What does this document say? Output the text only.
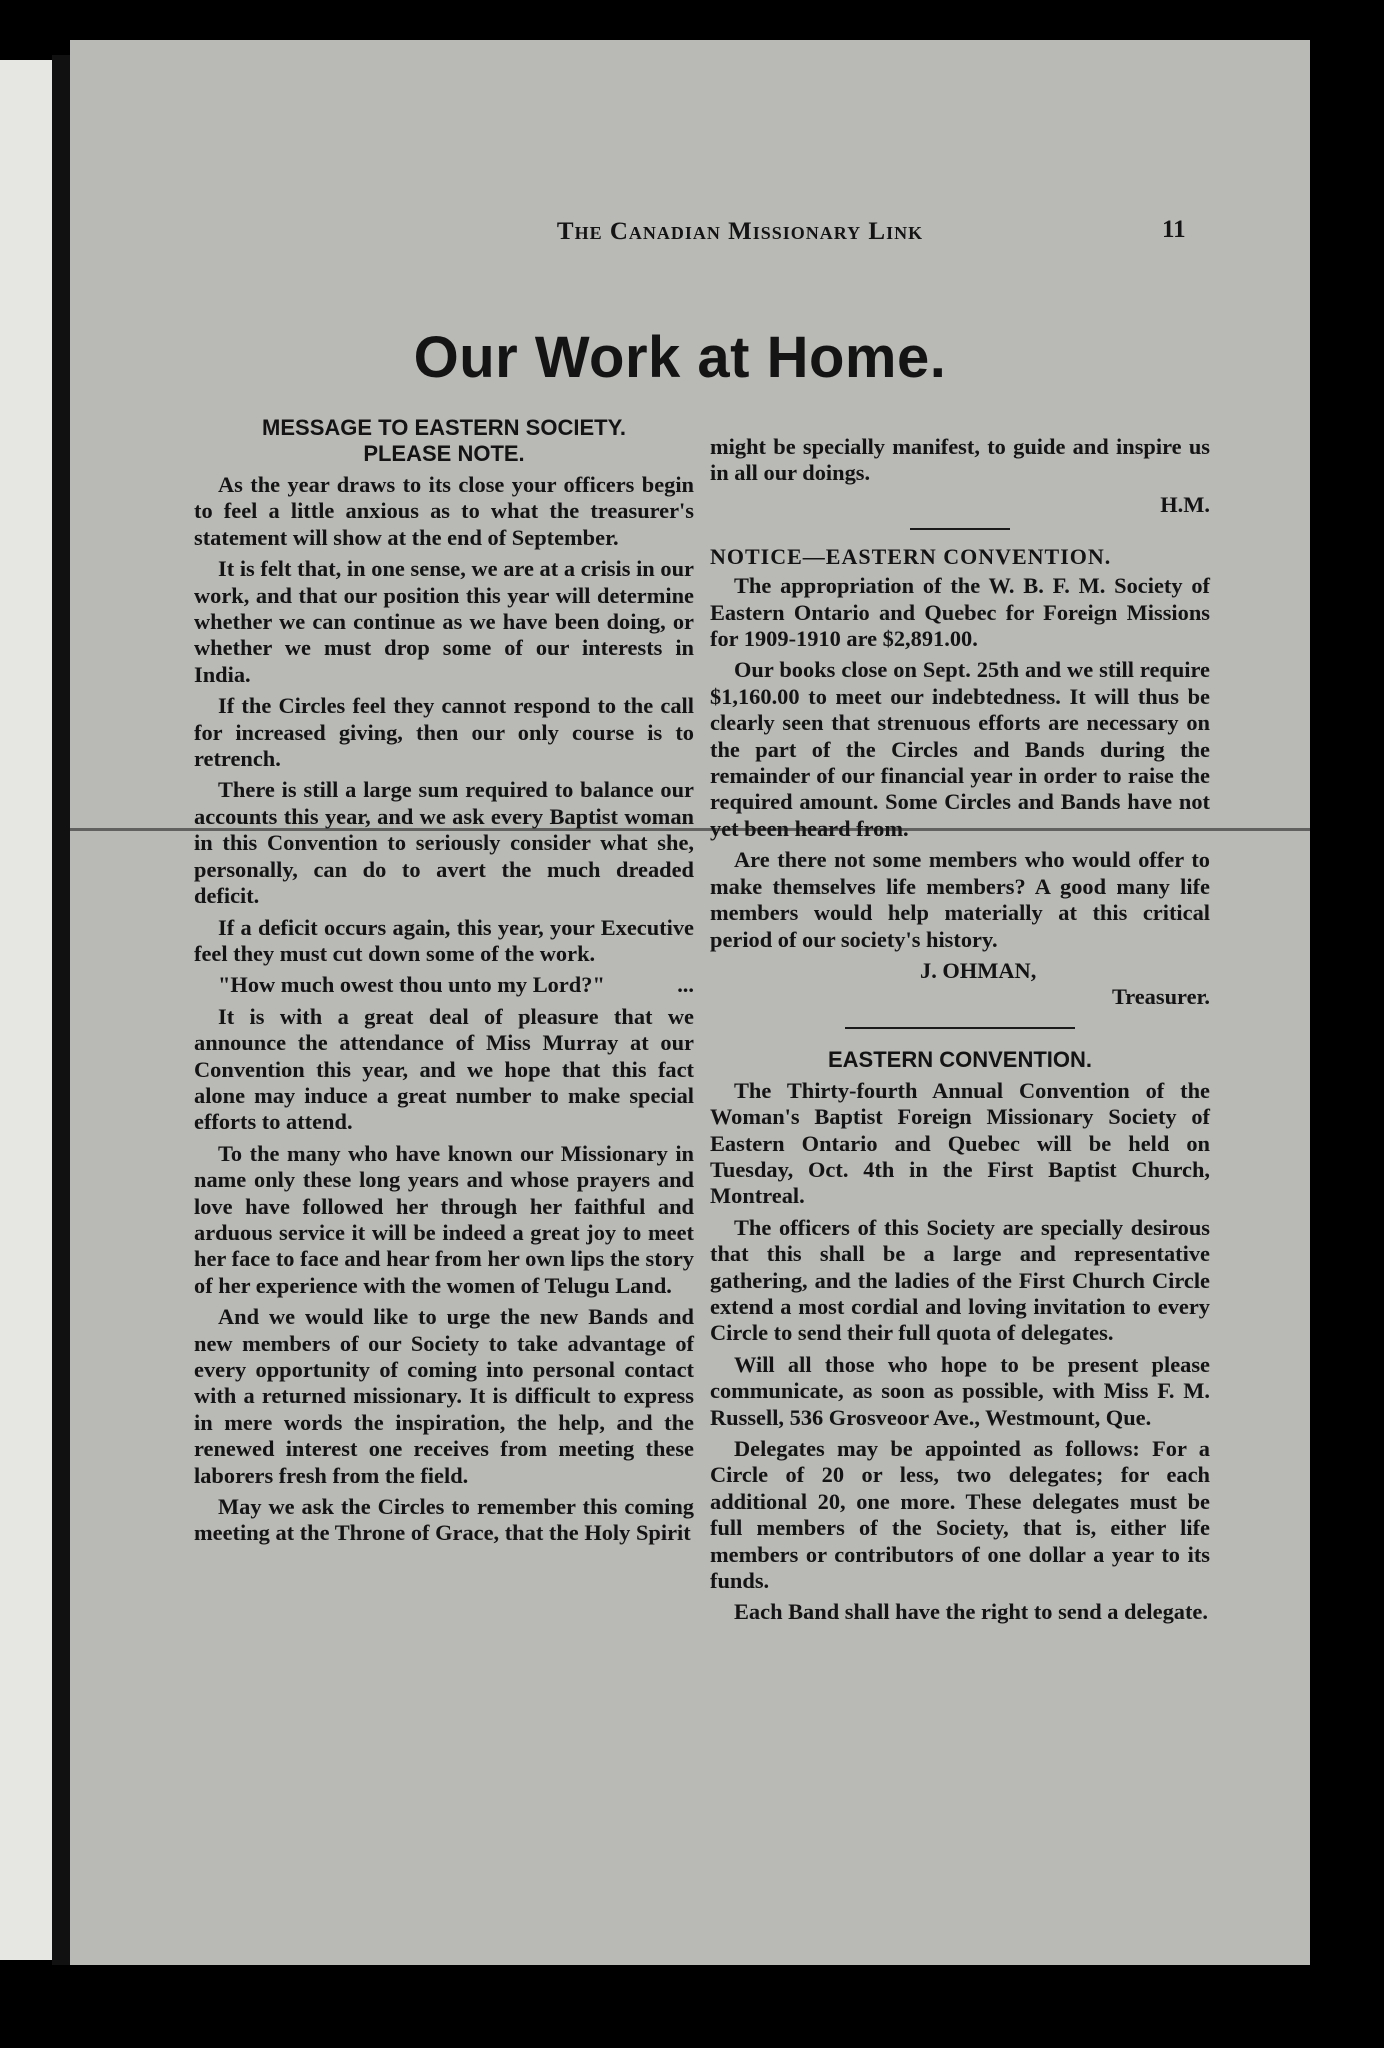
The Canadian Missionary Link	11
Our Work at Home.
MESSAGE TO EASTERN SOCIETY.
PLEASE NOTE.

As the year draws to its close your officers begin to feel a little anxious as to what the treasurer's statement will show at the end of September.

It is felt that, in one sense, we are at a crisis in our work, and that our position this year will determine whether we can continue as we have been doing, or whether we must drop some of our interests in India.

If the Circles feel they cannot respond to the call for increased giving, then our only course is to retrench.

There is still a large sum required to balance our accounts this year, and we ask every Baptist woman in this Convention to seriously consider what she, personally, can do to avert the much dreaded deficit.

If a deficit occurs again, this year, your Executive feel they must cut down some of the work.

"How much owest thou unto my Lord?"	...

It is with a great deal of pleasure that we announce the attendance of Miss Murray at our Convention this year, and we hope that this fact alone may induce a great number to make special efforts to attend.

To the many who have known our Missionary in name only these long years and whose prayers and love have followed her through her faithful and arduous service it will be indeed a great joy to meet her face to face and hear from her own lips the story of her experience with the women of Telugu Land.

And we would like to urge the new Bands and new members of our Society to take advantage of every opportunity of coming into personal contact with a returned missionary. It is difficult to express in mere words the inspiration, the help, and the renewed interest one receives from meeting these laborers fresh from the field.

May we ask the Circles to remember this coming meeting at the Throne of Grace, that the Holy Spirit

might be specially manifest, to guide and inspire us in all our doings.

H.M.
NOTICE—EASTERN CONVENTION.

The appropriation of the W. B. F. M. Society of Eastern Ontario and Quebec for Foreign Missions for 1909-1910 are $2,891.00.

Our books close on Sept. 25th and we still require $1,160.00 to meet our indebtedness. It will thus be clearly seen that strenuous efforts are necessary on the part of the Circles and Bands during the remainder of our financial year in order to raise the required amount. Some Circles and Bands have not yet been heard from.

Are there not some members who would offer to make themselves life members? A good many life members would help materially at this critical period of our society's history.

J. OHMAN,
Treasurer.
EASTERN CONVENTION.

The Thirty-fourth Annual Convention of the Woman's Baptist Foreign Missionary Society of Eastern Ontario and Quebec will be held on Tuesday, Oct. 4th in the First Baptist Church, Montreal.

The officers of this Society are specially desirous that this shall be a large and representative gathering, and the ladies of the First Church Circle extend a most cordial and loving invitation to every Circle to send their full quota of delegates.

Will all those who hope to be present please communicate, as soon as possible, with Miss F. M. Russell, 536 Grosveoor Ave., Westmount, Que.

Delegates may be appointed as follows: For a Circle of 20 or less, two delegates; for each additional 20, one more. These delegates must be full members of the Society, that is, either life members or contributors of one dollar a year to its funds.

Each Band shall have the right to send a delegate.
